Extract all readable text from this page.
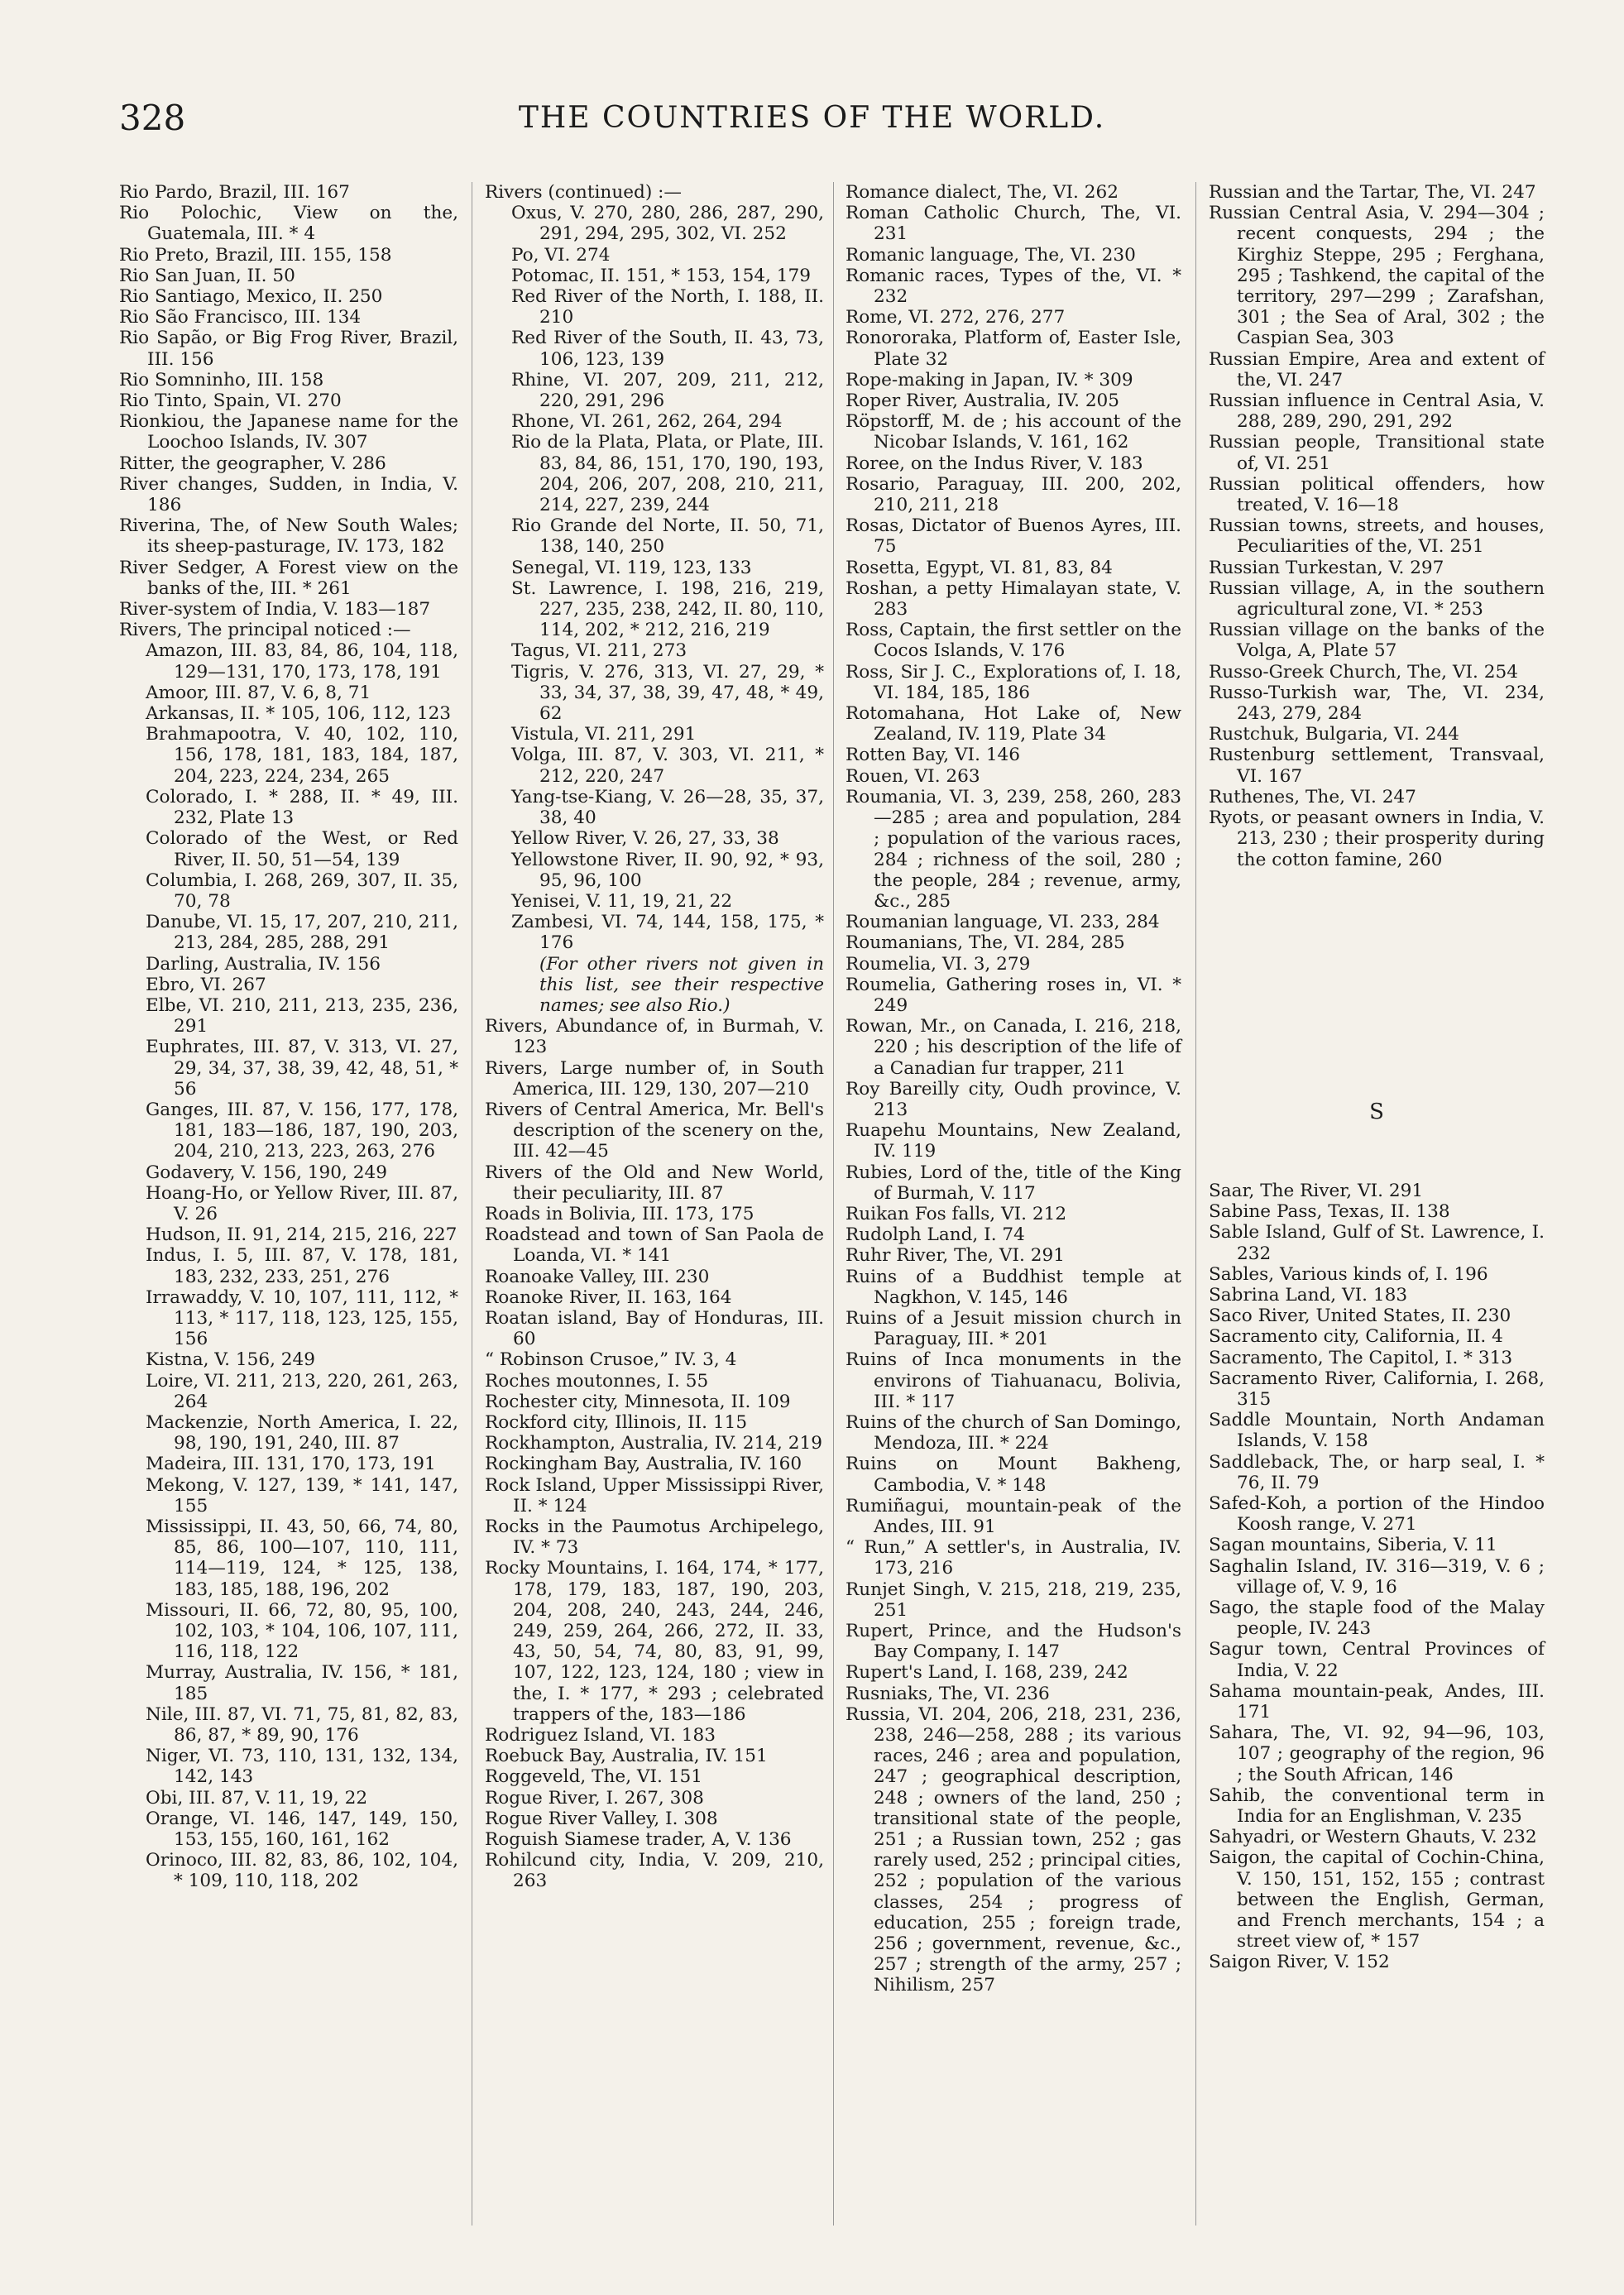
328	THE COUNTRIES OF THE WORLD.
Rio Pardo, Brazil, III. 167
Rio Polochic, View on the, Guatemala, III. * 4
Rio Preto, Brazil, III. 155, 158
Rio San Juan, II. 50
Rio Santiago, Mexico, II. 250
Rio São Francisco, III. 134
Rio Sapão, or Big Frog River, Brazil, III. 156
Rio Somninho, III. 158
Rio Tinto, Spain, VI. 270
Rionkiou, the Japanese name for the Loochoo Islands, IV. 307
Ritter, the geographer, V. 286
River changes, Sudden, in India, V. 186
Riverina, The, of New South Wales; its sheep-pasturage, IV. 173, 182
River Sedger, A Forest view on the banks of the, III. * 261
River-system of India, V. 183—187
Rivers, The principal noticed :—
Amazon, III. 83, 84, 86, 104, 118, 129—131, 170, 173, 178, 191
Amoor, III. 87, V. 6, 8, 71
Arkansas, II. * 105, 106, 112, 123
Brahmapootra, V. 40, 102, 110, 156, 178, 181, 183, 184, 187, 204, 223, 224, 234, 265
Colorado, I. * 288, II. * 49, III. 232, Plate 13
Colorado of the West, or Red River, II. 50, 51—54, 139
Columbia, I. 268, 269, 307, II. 35, 70, 78
Danube, VI. 15, 17, 207, 210, 211, 213, 284, 285, 288, 291
Darling, Australia, IV. 156
Ebro, VI. 267
Elbe, VI. 210, 211, 213, 235, 236, 291
Euphrates, III. 87, V. 313, VI. 27, 29, 34, 37, 38, 39, 42, 48, 51, * 56
Ganges, III. 87, V. 156, 177, 178, 181, 183—186, 187, 190, 203, 204, 210, 213, 223, 263, 276
Godavery, V. 156, 190, 249
Hoang-Ho, or Yellow River, III. 87, V. 26
Hudson, II. 91, 214, 215, 216, 227
Indus, I. 5, III. 87, V. 178, 181, 183, 232, 233, 251, 276
Irrawaddy, V. 10, 107, 111, 112, * 113, * 117, 118, 123, 125, 155, 156
Kistna, V. 156, 249
Loire, VI. 211, 213, 220, 261, 263, 264
Mackenzie, North America, I. 22, 98, 190, 191, 240, III. 87
Madeira, III. 131, 170, 173, 191
Mekong, V. 127, 139, * 141, 147, 155
Mississippi, II. 43, 50, 66, 74, 80, 85, 86, 100—107, 110, 111, 114—119, 124, * 125, 138, 183, 185, 188, 196, 202
Missouri, II. 66, 72, 80, 95, 100, 102, 103, * 104, 106, 107, 111, 116, 118, 122
Murray, Australia, IV. 156, * 181, 185
Nile, III. 87, VI. 71, 75, 81, 82, 83, 86, 87, * 89, 90, 176
Niger, VI. 73, 110, 131, 132, 134, 142, 143
Obi, III. 87, V. 11, 19, 22
Orange, VI. 146, 147, 149, 150, 153, 155, 160, 161, 162
Orinoco, III. 82, 83, 86, 102, 104, * 109, 110, 118, 202
Rivers (continued) :—
Oxus, V. 270, 280, 286, 287, 290, 291, 294, 295, 302, VI. 252
Po, VI. 274
Potomac, II. 151, * 153, 154, 179
Red River of the North, I. 188, II. 210
Red River of the South, II. 43, 73, 106, 123, 139
Rhine, VI. 207, 209, 211, 212, 220, 291, 296
Rhone, VI. 261, 262, 264, 294
Rio de la Plata, Plata, or Plate, III. 83, 84, 86, 151, 170, 190, 193, 204, 206, 207, 208, 210, 211, 214, 227, 239, 244
Rio Grande del Norte, II. 50, 71, 138, 140, 250
Senegal, VI. 119, 123, 133
St. Lawrence, I. 198, 216, 219, 227, 235, 238, 242, II. 80, 110, 114, 202, * 212, 216, 219
Tagus, VI. 211, 273
Tigris, V. 276, 313, VI. 27, 29, * 33, 34, 37, 38, 39, 47, 48, * 49, 62
Vistula, VI. 211, 291
Volga, III. 87, V. 303, VI. 211, * 212, 220, 247
Yang-tse-Kiang, V. 26—28, 35, 37, 38, 40
Yellow River, V. 26, 27, 33, 38
Yellowstone River, II. 90, 92, * 93, 95, 96, 100
Yenisei, V. 11, 19, 21, 22
Zambesi, VI. 74, 144, 158, 175, * 176
(For other rivers not given in this list, see their respective names; see also Rio.)
Rivers, Abundance of, in Burmah, V. 123
Rivers, Large number of, in South America, III. 129, 130, 207—210
Rivers of Central America, Mr. Bell's description of the scenery on the, III. 42—45
Rivers of the Old and New World, their peculiarity, III. 87
Roads in Bolivia, III. 173, 175
Roadstead and town of San Paola de Loanda, VI. * 141
Roanoake Valley, III. 230
Roanoke River, II. 163, 164
Roatan island, Bay of Honduras, III. 60
“ Robinson Crusoe,” IV. 3, 4
Roches moutonnes, I. 55
Rochester city, Minnesota, II. 109
Rockford city, Illinois, II. 115
Rockhampton, Australia, IV. 214, 219
Rockingham Bay, Australia, IV. 160
Rock Island, Upper Mississippi River, II. * 124
Rocks in the Paumotus Archipelego, IV. * 73
Rocky Mountains, I. 164, 174, * 177, 178, 179, 183, 187, 190, 203, 204, 208, 240, 243, 244, 246, 249, 259, 264, 266, 272, II. 33, 43, 50, 54, 74, 80, 83, 91, 99, 107, 122, 123, 124, 180 ; view in the, I. * 177, * 293 ; celebrated trappers of the, 183—186
Rodriguez Island, VI. 183
Roebuck Bay, Australia, IV. 151
Roggeveld, The, VI. 151
Rogue River, I. 267, 308
Rogue River Valley, I. 308
Roguish Siamese trader, A, V. 136
Rohilcund city, India, V. 209, 210, 263
Romance dialect, The, VI. 262
Roman Catholic Church, The, VI. 231
Romanic language, The, VI. 230
Romanic races, Types of the, VI. * 232
Rome, VI. 272, 276, 277
Ronororaka, Platform of, Easter Isle, Plate 32
Rope-making in Japan, IV. * 309
Roper River, Australia, IV. 205
Röpstorff, M. de ; his account of the Nicobar Islands, V. 161, 162
Roree, on the Indus River, V. 183
Rosario, Paraguay, III. 200, 202, 210, 211, 218
Rosas, Dictator of Buenos Ayres, III. 75
Rosetta, Egypt, VI. 81, 83, 84
Roshan, a petty Himalayan state, V. 283
Ross, Captain, the first settler on the Cocos Islands, V. 176
Ross, Sir J. C., Explorations of, I. 18, VI. 184, 185, 186
Rotomahana, Hot Lake of, New Zealand, IV. 119, Plate 34
Rotten Bay, VI. 146
Rouen, VI. 263
Roumania, VI. 3, 239, 258, 260, 283—285 ; area and population, 284 ; population of the various races, 284 ; richness of the soil, 280 ; the people, 284 ; revenue, army, &c., 285
Roumanian language, VI. 233, 284
Roumanians, The, VI. 284, 285
Roumelia, VI. 3, 279
Roumelia, Gathering roses in, VI. * 249
Rowan, Mr., on Canada, I. 216, 218, 220 ; his description of the life of a Canadian fur trapper, 211
Roy Bareilly city, Oudh province, V. 213
Ruapehu Mountains, New Zealand, IV. 119
Rubies, Lord of the, title of the King of Burmah, V. 117
Ruikan Fos falls, VI. 212
Rudolph Land, I. 74
Ruhr River, The, VI. 291
Ruins of a Buddhist temple at Nagkhon, V. 145, 146
Ruins of a Jesuit mission church in Paraguay, III. * 201
Ruins of Inca monuments in the environs of Tiahuanacu, Bolivia, III. * 117
Ruins of the church of San Domingo, Mendoza, III. * 224
Ruins on Mount Bakheng, Cambodia, V. * 148
Rumiñagui, mountain-peak of the Andes, III. 91
“ Run,” A settler's, in Australia, IV. 173, 216
Runjet Singh, V. 215, 218, 219, 235, 251
Rupert, Prince, and the Hudson's Bay Company, I. 147
Rupert's Land, I. 168, 239, 242
Rusniaks, The, VI. 236
Russia, VI. 204, 206, 218, 231, 236, 238, 246—258, 288 ; its various races, 246 ; area and population, 247 ; geographical description, 248 ; owners of the land, 250 ; transitional state of the people, 251 ; a Russian town, 252 ; gas rarely used, 252 ; principal cities, 252 ; population of the various classes, 254 ; progress of education, 255 ; foreign trade, 256 ; government, revenue, &c., 257 ; strength of the army, 257 ; Nihilism, 257
Russian and the Tartar, The, VI. 247
Russian Central Asia, V. 294—304 ; recent conquests, 294 ; the Kirghiz Steppe, 295 ; Ferghana, 295 ; Tashkend, the capital of the territory, 297—299 ; Zarafshan, 301 ; the Sea of Aral, 302 ; the Caspian Sea, 303
Russian Empire, Area and extent of the, VI. 247
Russian influence in Central Asia, V. 288, 289, 290, 291, 292
Russian people, Transitional state of, VI. 251
Russian political offenders, how treated, V. 16—18
Russian towns, streets, and houses, Peculiarities of the, VI. 251
Russian Turkestan, V. 297
Russian village, A, in the southern agricultural zone, VI. * 253
Russian village on the banks of the Volga, A, Plate 57
Russo-Greek Church, The, VI. 254
Russo-Turkish war, The, VI. 234, 243, 279, 284
Rustchuk, Bulgaria, VI. 244
Rustenburg settlement, Transvaal, VI. 167
Ruthenes, The, VI. 247
Ryots, or peasant owners in India, V. 213, 230 ; their prosperity during the cotton famine, 260
S
Saar, The River, VI. 291
Sabine Pass, Texas, II. 138
Sable Island, Gulf of St. Lawrence, I. 232
Sables, Various kinds of, I. 196
Sabrina Land, VI. 183
Saco River, United States, II. 230
Sacramento city, California, II. 4
Sacramento, The Capitol, I. * 313
Sacramento River, California, I. 268, 315
Saddle Mountain, North Andaman Islands, V. 158
Saddleback, The, or harp seal, I. * 76, II. 79
Safed-Koh, a portion of the Hindoo Koosh range, V. 271
Sagan mountains, Siberia, V. 11
Saghalin Island, IV. 316—319, V. 6 ; village of, V. 9, 16
Sago, the staple food of the Malay people, IV. 243
Sagur town, Central Provinces of India, V. 22
Sahama mountain-peak, Andes, III. 171
Sahara, The, VI. 92, 94—96, 103, 107 ; geography of the region, 96 ; the South African, 146
Sahib, the conventional term in India for an Englishman, V. 235
Sahyadri, or Western Ghauts, V. 232
Saigon, the capital of Cochin-China, V. 150, 151, 152, 155 ; contrast between the English, German, and French merchants, 154 ; a street view of, * 157
Saigon River, V. 152
